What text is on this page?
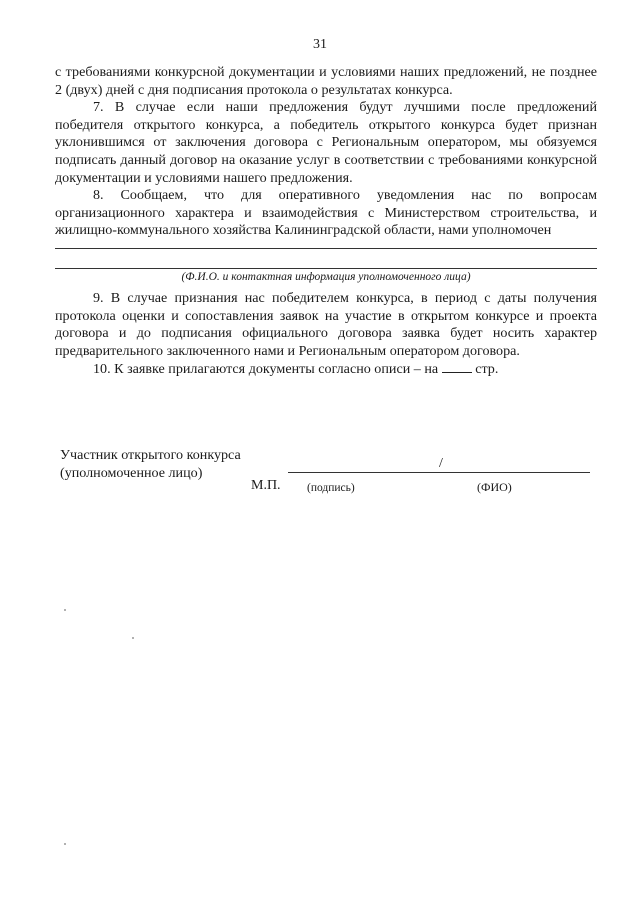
31

с требованиями конкурсной документации и условиями наших предложений, не позднее 2 (двух) дней с дня подписания протокола о результатах конкурса.

7. В случае если наши предложения будут лучшими после предложений победителя открытого конкурса, а победитель открытого конкурса будет признан уклонившимся от заключения договора с Региональным оператором, мы обязуемся подписать данный договор на оказание услуг в соответствии с требованиями конкурсной документации и условиями нашего предложения.

8. Сообщаем, что для оперативного уведомления нас по вопросам организационного характера и взаимодействия с Министерством строительства, и жилищно-коммунального хозяйства Калининградской области, нами уполномочен

(Ф.И.О. и контактная информация уполномоченного лица)

9. В случае признания нас победителем конкурса, в период с даты получения протокола оценки и сопоставления заявок на участие в открытом конкурсе и проекта договора и до подписания официального договора заявка будет носить характер предварительного заключенного нами и Региональным оператором договора.

10. К заявке прилагаются документы согласно описи – на	стр.

Участник открытого конкурса
(уполномоченное лицо)
/
М.П. (подпись)	(ФИО)
